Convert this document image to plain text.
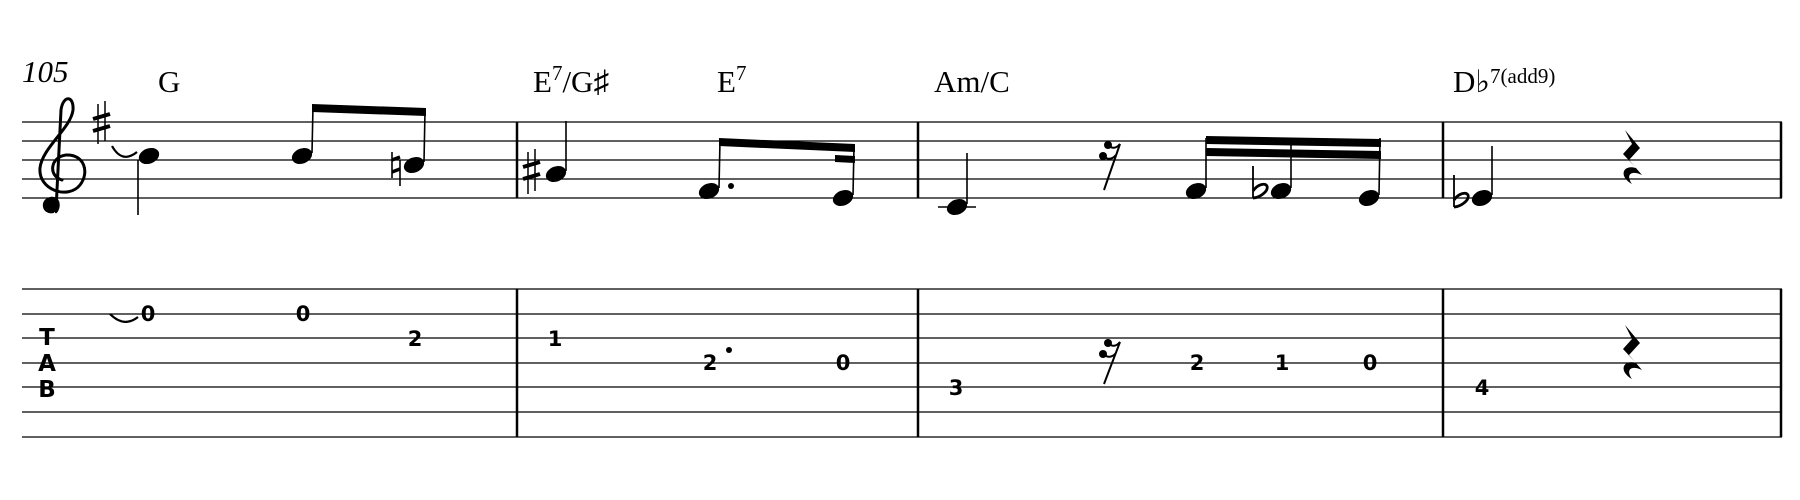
105	G	$E^7/G♯$	$E^7$	Am/C	D♭$^{7(add9)}$
T
A
B
0	0
2	1
2	0
3
2	1	0
4
